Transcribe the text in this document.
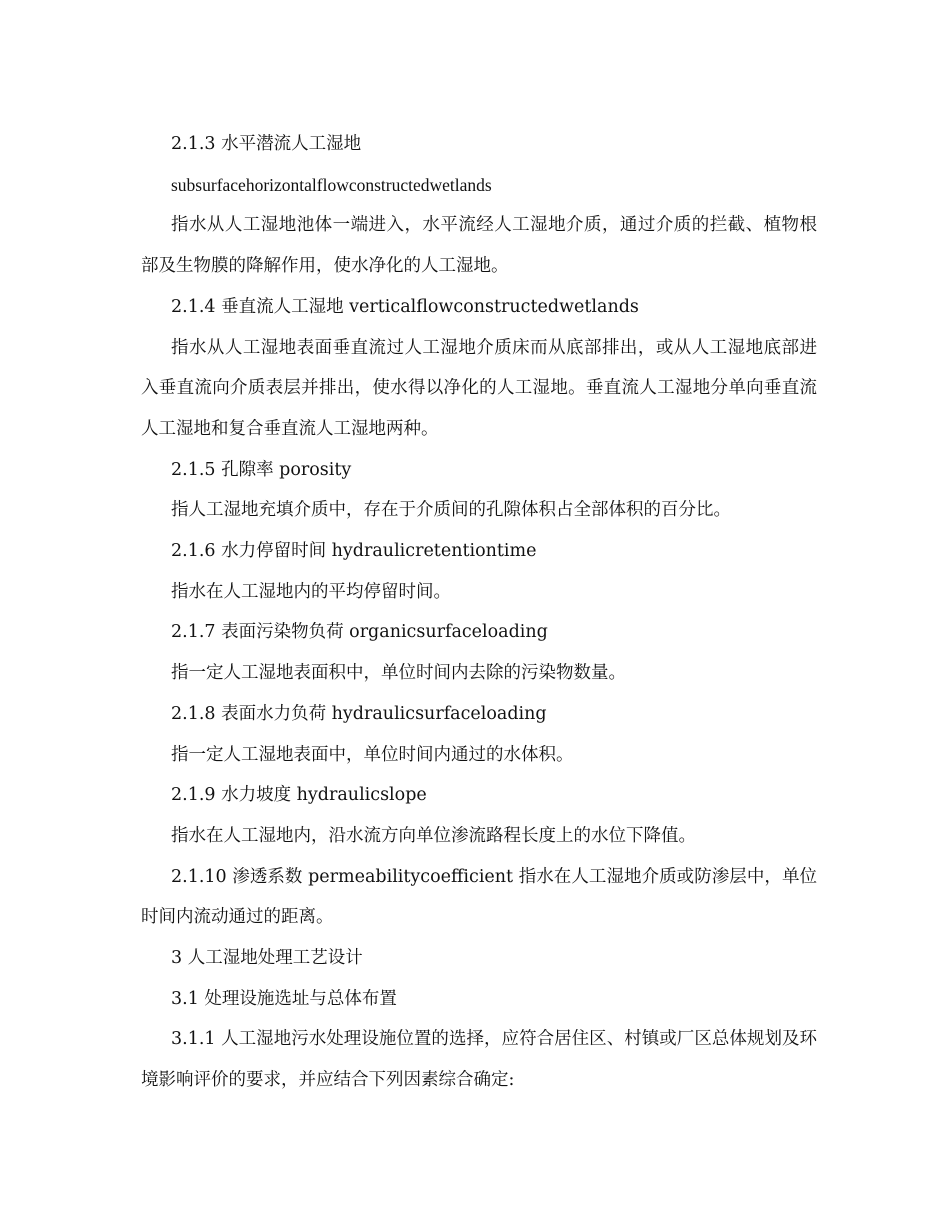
2.1.3 水平潜流人工湿地

subsurfacehorizontalflowconstructedwetlands

指水从人工湿地池体一端进入，水平流经人工湿地介质，通过介质的拦截、植物根部及生物膜的降解作用，使水净化的人工湿地。

2.1.4 垂直流人工湿地 verticalflowconstructedwetlands

指水从人工湿地表面垂直流过人工湿地介质床而从底部排出，或从人工湿地底部进入垂直流向介质表层并排出，使水得以净化的人工湿地。垂直流人工湿地分单向垂直流人工湿地和复合垂直流人工湿地两种。

2.1.5 孔隙率 porosity

指人工湿地充填介质中，存在于介质间的孔隙体积占全部体积的百分比。

2.1.6 水力停留时间 hydraulicretentiontime

指水在人工湿地内的平均停留时间。

2.1.7 表面污染物负荷 organicsurfaceloading

指一定人工湿地表面积中，单位时间内去除的污染物数量。

2.1.8 表面水力负荷 hydraulicsurfaceloading

指一定人工湿地表面中，单位时间内通过的水体积。

2.1.9 水力坡度 hydraulicslope

指水在人工湿地内，沿水流方向单位渗流路程长度上的水位下降值。

2.1.10 渗透系数 permeabilitycoefficient 指水在人工湿地介质或防渗层中，单位时间内流动通过的距离。

3 人工湿地处理工艺设计

3.1 处理设施选址与总体布置

3.1.1 人工湿地污水处理设施位置的选择，应符合居住区、村镇或厂区总体规划及环境影响评价的要求，并应结合下列因素综合确定:
